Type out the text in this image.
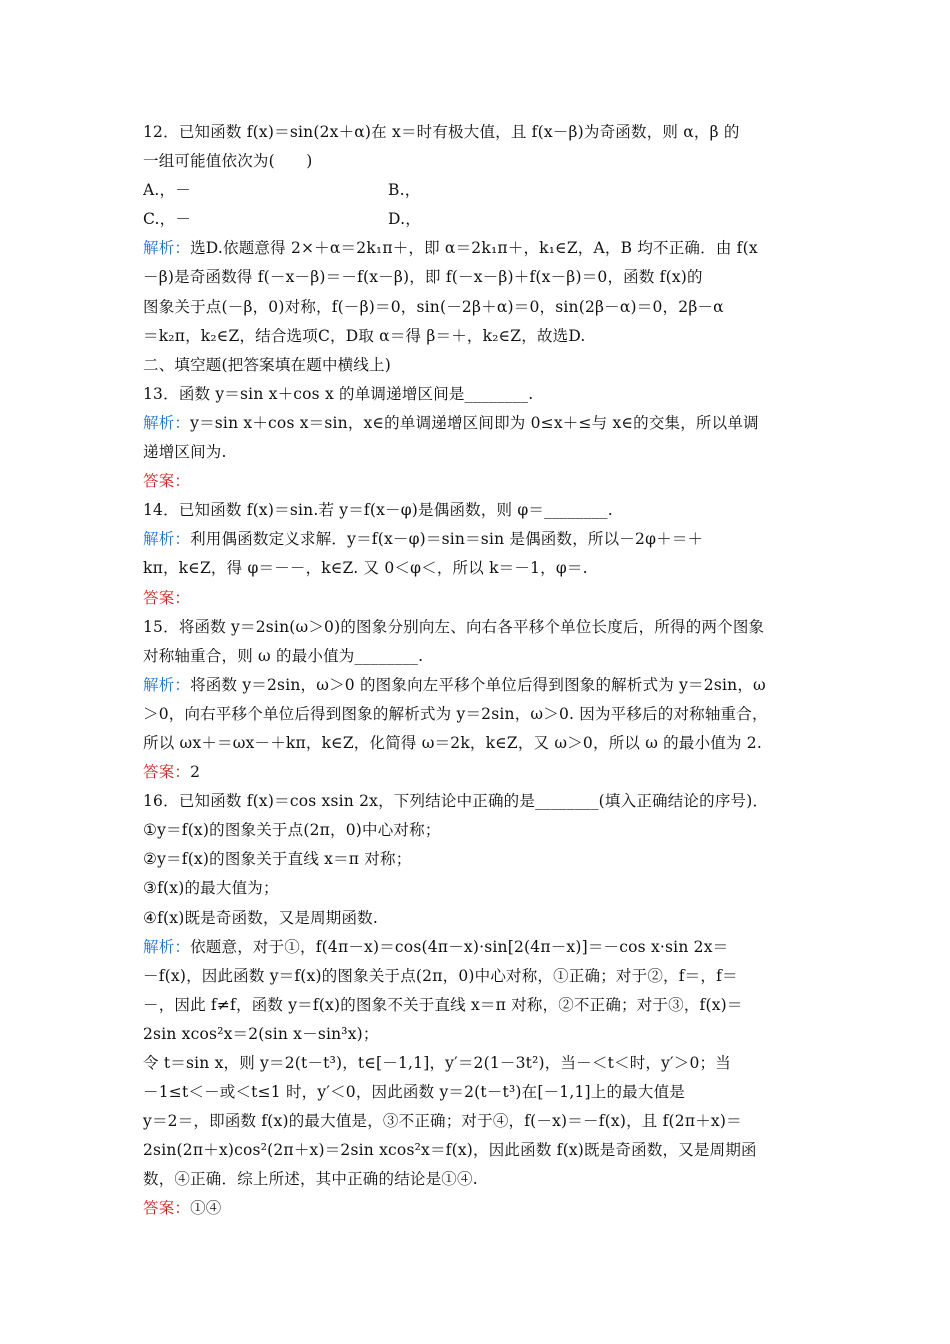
12．已知函数 f(x)＝sin(2x＋α)在 x＝时有极大值，且 f(x－β)为奇函数，则 α，β 的
一组可能值依次为(　　)
A.，－	B.，
C.，－	D.，
解析：选D.依题意得 2×＋α＝2k₁π＋，即 α＝2k₁π＋，k₁∈Z，A，B 均不正确．由 f(x
－β)是奇函数得 f(－x－β)＝－f(x－β)，即 f(－x－β)＋f(x－β)＝0，函数 f(x)的
图象关于点(－β，0)对称，f(－β)＝0，sin(－2β＋α)＝0，sin(2β－α)＝0，2β－α
＝k₂π，k₂∈Z，结合选项C，D取 α＝得 β＝＋，k₂∈Z，故选D.
二、填空题(把答案填在题中横线上)
13．函数 y＝sin x＋cos x 的单调递增区间是________.
解析：y＝sin x＋cos x＝sin，x∈的单调递增区间即为 0≤x＋≤与 x∈的交集，所以单调
递增区间为.
答案：
14．已知函数 f(x)＝sin.若 y＝f(x－φ)是偶函数，则 φ＝________.
解析：利用偶函数定义求解．y＝f(x－φ)＝sin＝sin 是偶函数，所以－2φ＋＝＋
kπ，k∈Z，得 φ＝－－，k∈Z. 又 0＜φ＜，所以 k＝－1，φ＝.
答案：
15．将函数 y＝2sin(ω＞0)的图象分别向左、向右各平移个单位长度后，所得的两个图象
对称轴重合，则 ω 的最小值为________.
解析：将函数 y＝2sin，ω＞0 的图象向左平移个单位后得到图象的解析式为 y＝2sin，ω
＞0，向右平移个单位后得到图象的解析式为 y＝2sin，ω＞0. 因为平移后的对称轴重合，
所以 ωx＋＝ωx－＋kπ，k∈Z，化简得 ω＝2k，k∈Z，又 ω＞0，所以 ω 的最小值为 2.
答案：2
16．已知函数 f(x)＝cos xsin 2x，下列结论中正确的是________(填入正确结论的序号)．
①y＝f(x)的图象关于点(2π，0)中心对称；
②y＝f(x)的图象关于直线 x＝π 对称；
③f(x)的最大值为；
④f(x)既是奇函数，又是周期函数.
解析：依题意，对于①，f(4π－x)＝cos(4π－x)·sin[2(4π－x)]＝－cos x·sin 2x＝
－f(x)，因此函数 y＝f(x)的图象关于点(2π，0)中心对称，①正确；对于②，f＝，f＝
－，因此 f≠f，函数 y＝f(x)的图象不关于直线 x＝π 对称，②不正确；对于③，f(x)＝
2sin xcos²x＝2(sin x－sin³x)；
令 t＝sin x，则 y＝2(t－t³)，t∈[－1,1]，y′＝2(1－3t²)，当－＜t＜时，y′＞0；当
－1≤t＜－或＜t≤1 时，y′＜0，因此函数 y＝2(t－t³)在[－1,1]上的最大值是
y＝2＝，即函数 f(x)的最大值是，③不正确；对于④，f(－x)＝－f(x)，且 f(2π＋x)＝
2sin(2π＋x)cos²(2π＋x)＝2sin xcos²x＝f(x)，因此函数 f(x)既是奇函数，又是周期函
数，④正确．综上所述，其中正确的结论是①④.
答案：①④
